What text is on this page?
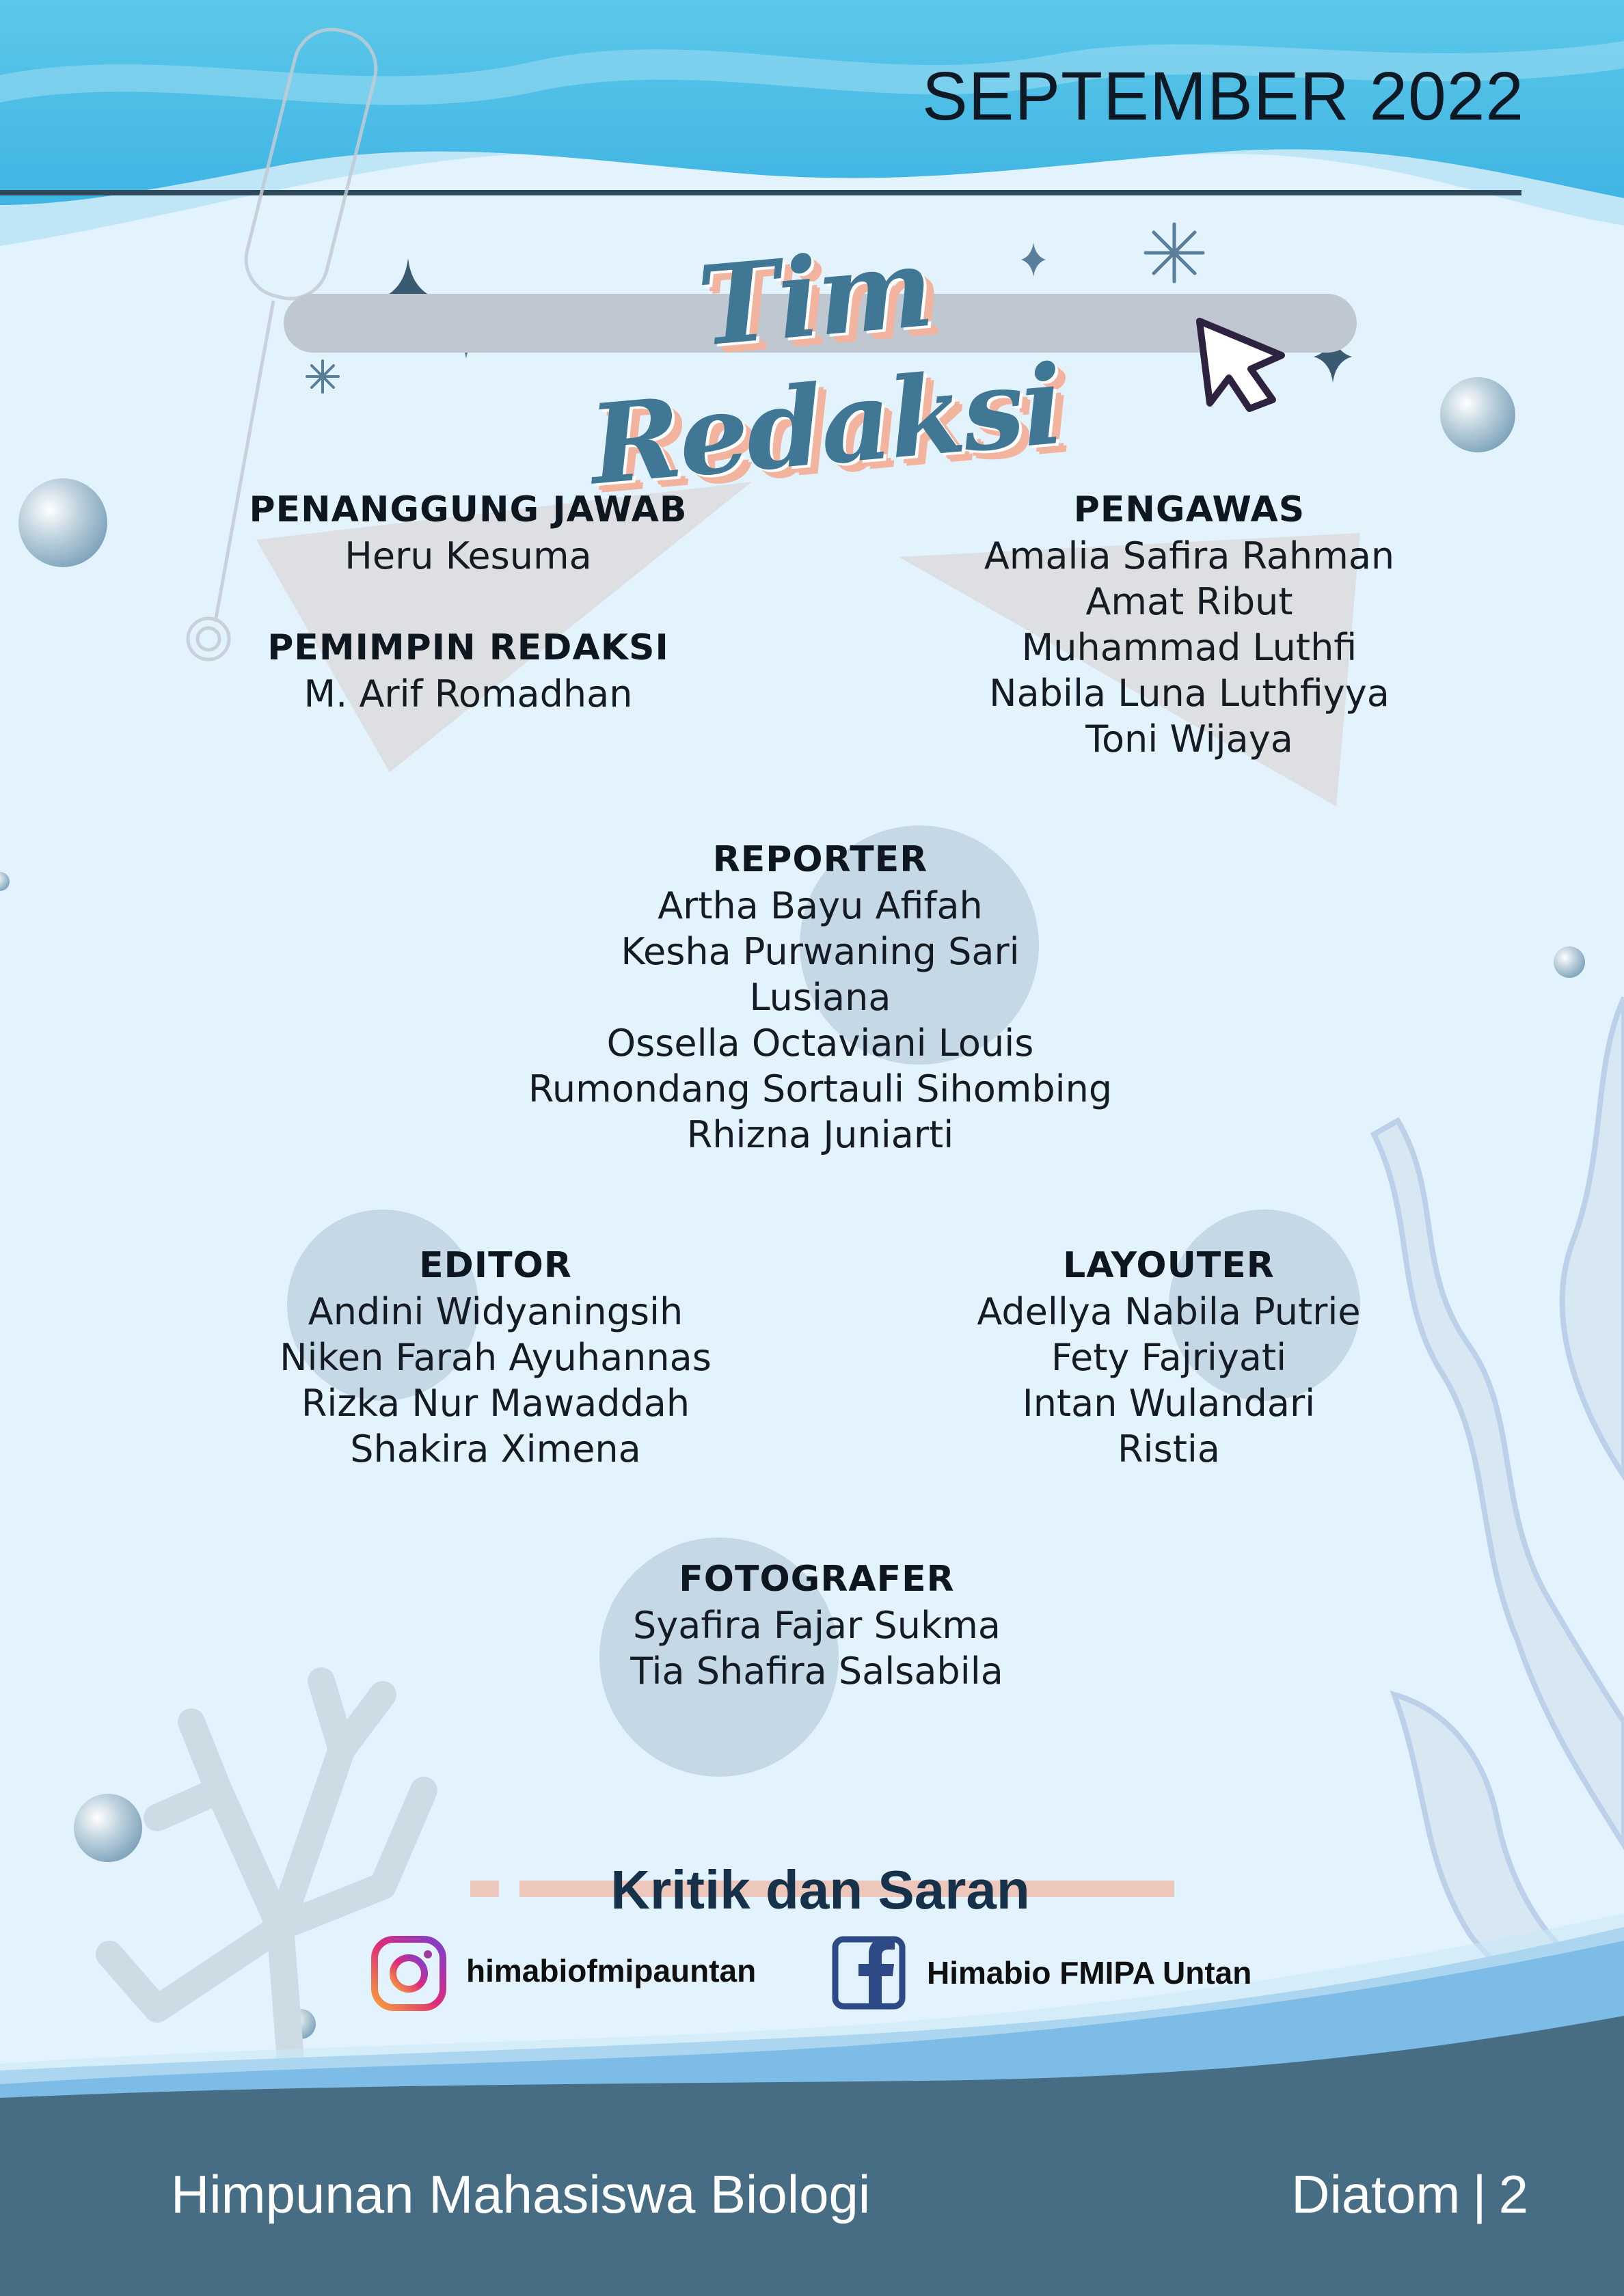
SEPTEMBER 2022
Tim Redaksi
PENANGGUNG JAWAB
Heru Kesuma
PEMIMPIN REDAKSI
M. Arif Romadhan
PENGAWAS
Amalia Safira Rahman
Amat Ribut
Muhammad Luthfi
Nabila Luna Luthfiyya
Toni Wijaya
REPORTER
Artha Bayu Afifah
Kesha Purwaning Sari
Lusiana
Ossella Octaviani Louis
Rumondang Sortauli Sihombing
Rhizna Juniarti
EDITOR
Andini Widyaningsih
Niken Farah Ayuhannas
Rizka Nur Mawaddah
Shakira Ximena
LAYOUTER
Adellya Nabila Putrie
Fety Fajriyati
Intan Wulandari
Ristia
FOTOGRAFER
Syafira Fajar Sukma
Tia Shafira Salsabila
Kritik dan Saran
himabiofmipauntan	Himabio FMIPA Untan
Himpunan Mahasiswa Biologi	Diatom | 2
